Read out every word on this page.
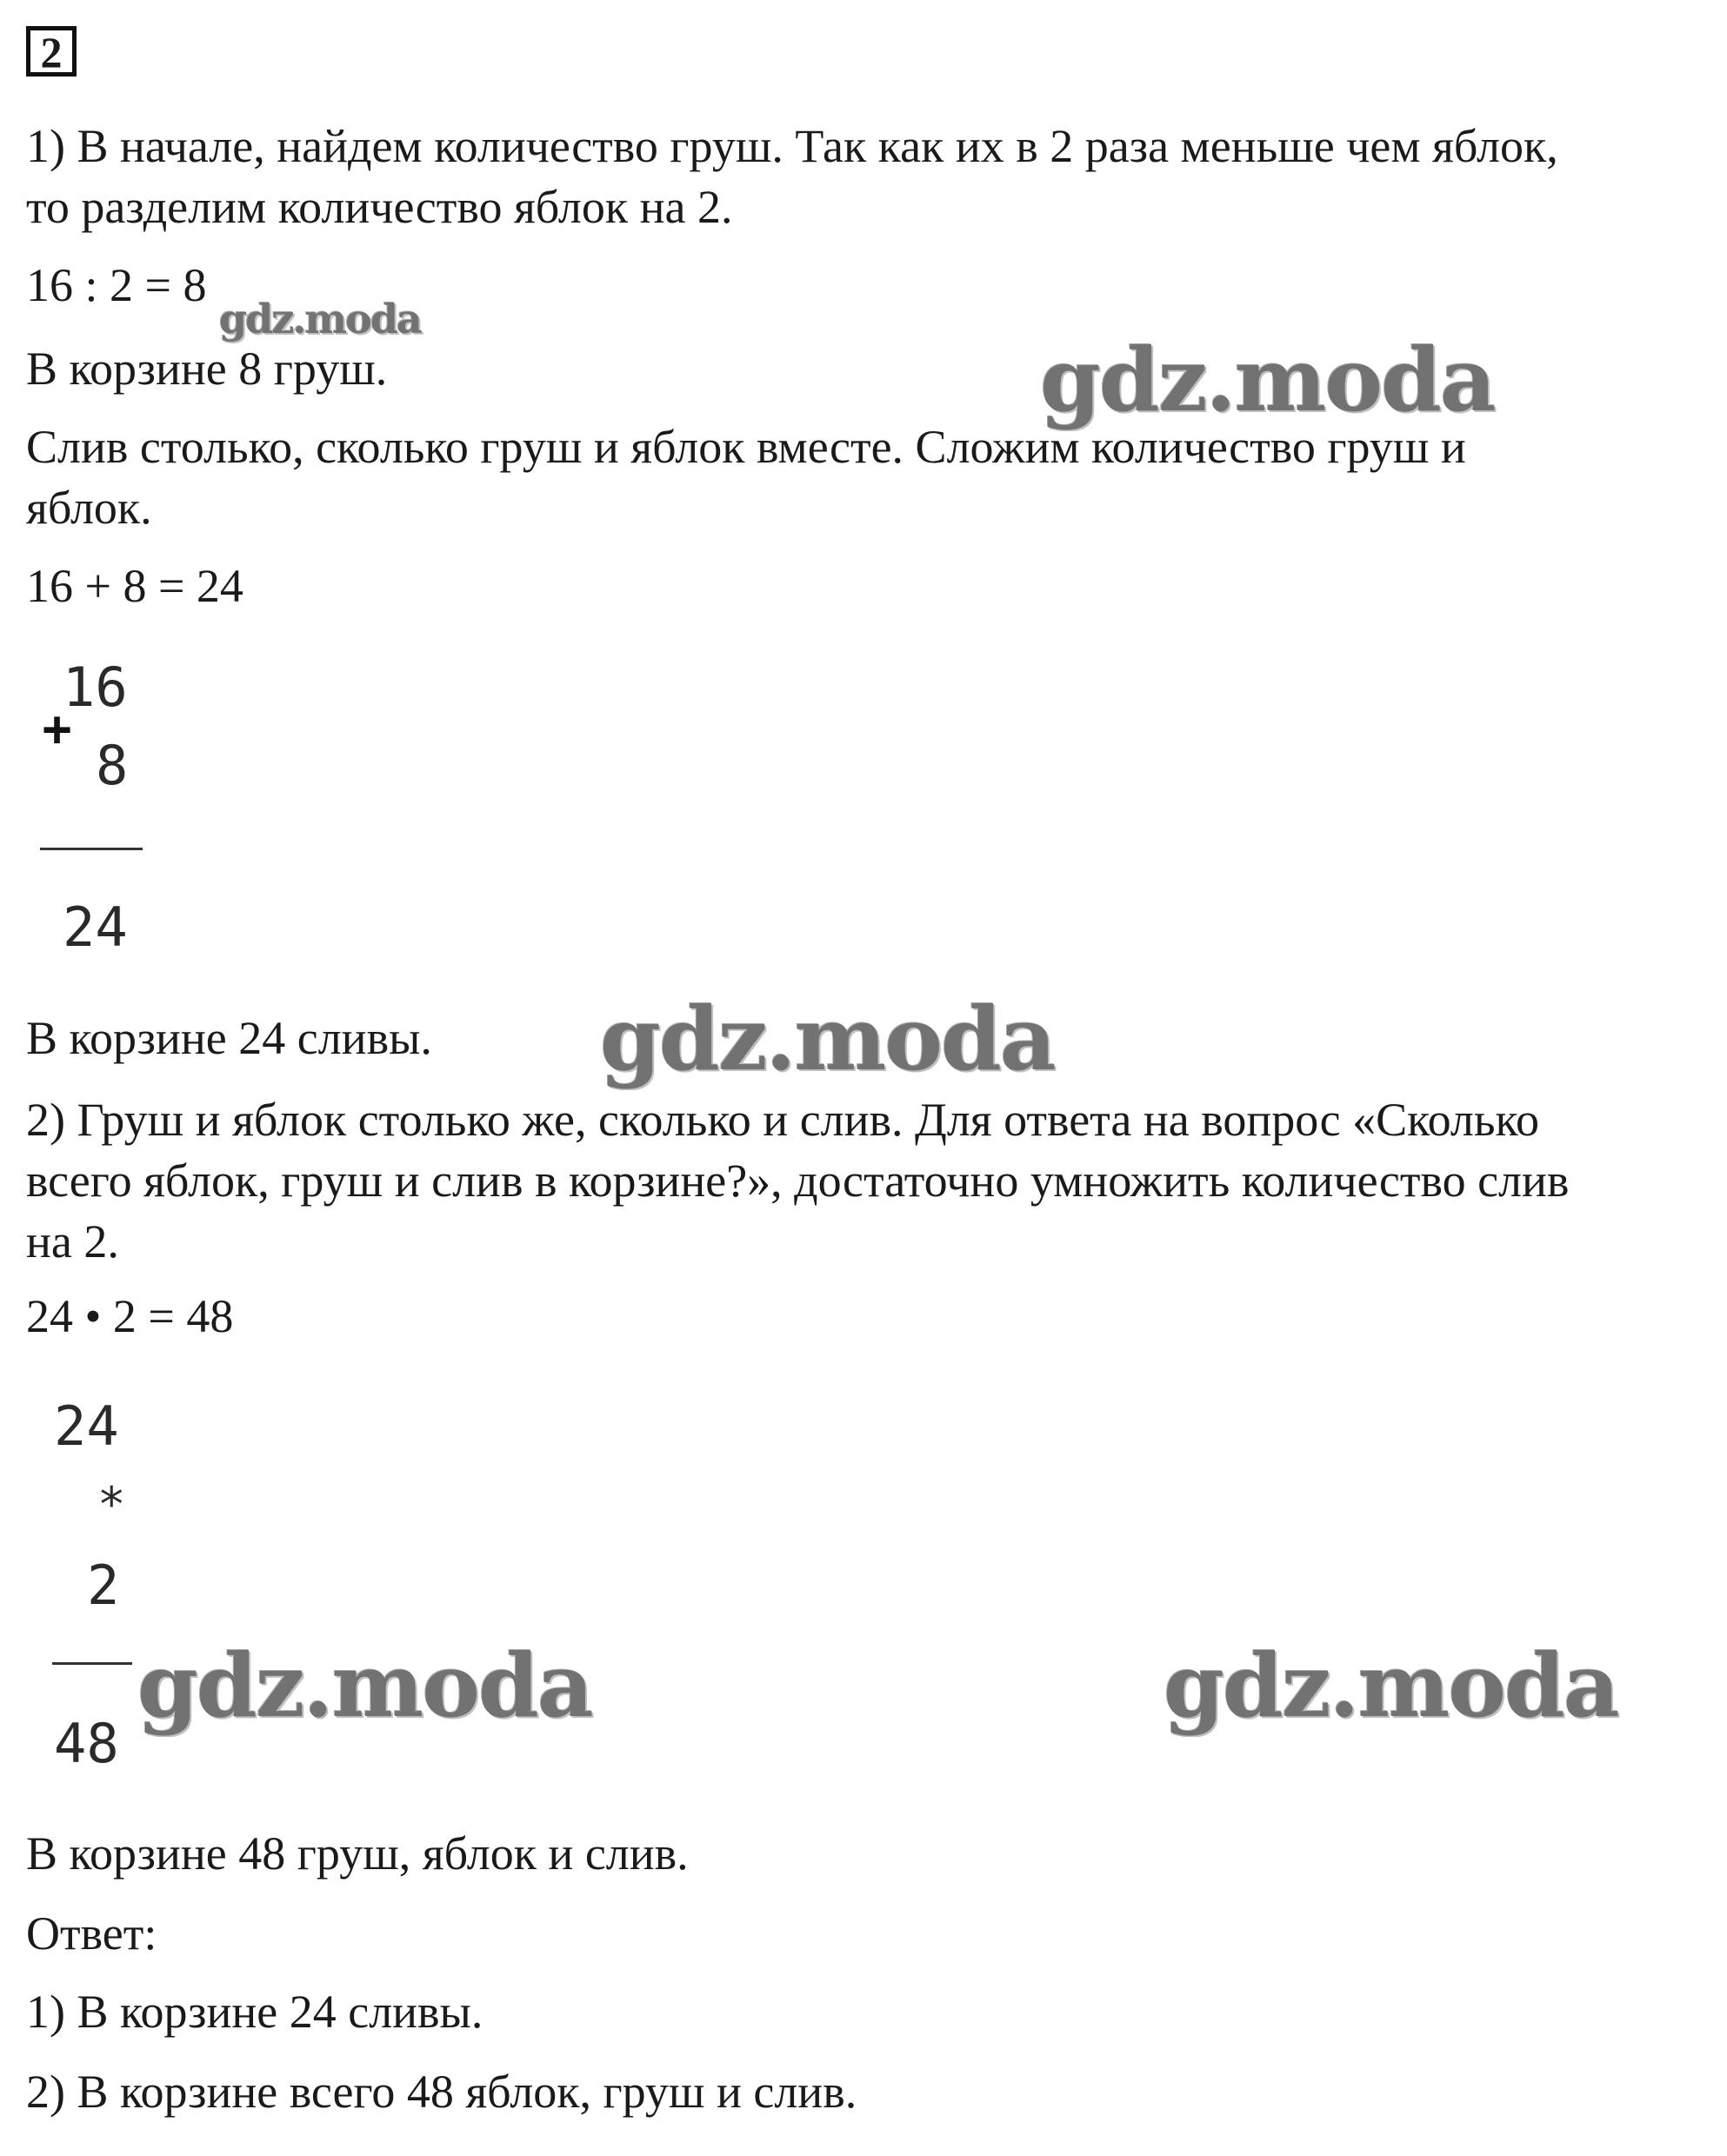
2
1) В начале, найдем количество груш. Так как их в 2 раза меньше чем яблок,
то разделим количество яблок на 2.
16 : 2 = 8
В корзине 8 груш.
Слив столько, сколько груш и яблок вместе. Сложим количество груш и
яблок.
16 + 8 = 24
16
+
8
24
В корзине 24 сливы.
2) Груш и яблок столько же, сколько и слив. Для ответа на вопрос «Сколько
всего яблок, груш и слив в корзине?», достаточно умножить количество слив
на 2.
24 • 2 = 48
24
*
2
48
В корзине 48 груш, яблок и слив.
Ответ:
1) В корзине 24 сливы.
2) В корзине всего 48 яблок, груш и слив.
gdz.moda
gdz.moda
gdz.moda
gdz.moda	gdz.moda
